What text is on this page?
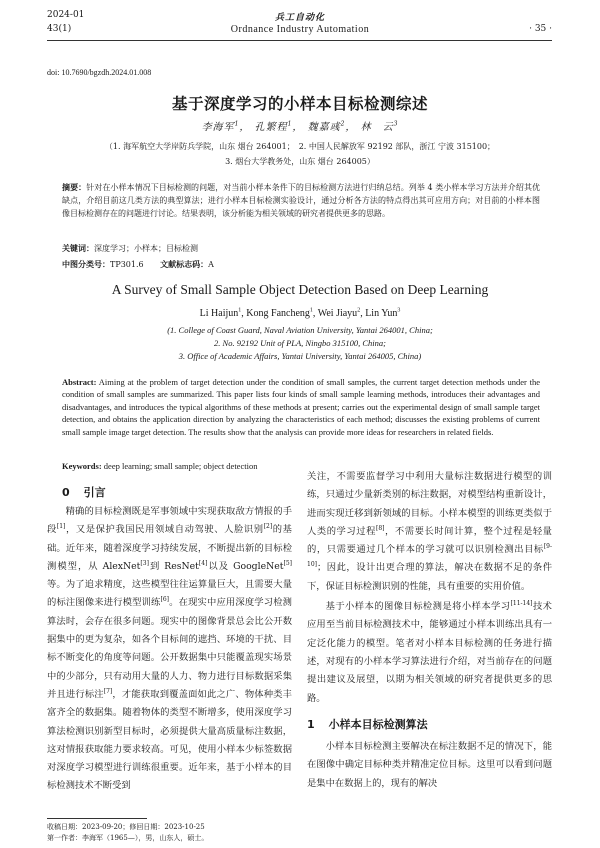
2024-01
43(1)
兵工自动化
Ordnance Industry Automation	· 35 ·
doi: 10.7690/bgzdh.2024.01.008
基于深度学习的小样本目标检测综述
李海军$^1$， 孔繁程$^1$， 魏嘉彧$^2$， 林　云$^3$
（1. 海军航空大学岸防兵学院，山东 烟台 264001；　2. 中国人民解放军 92192 部队，浙江 宁波 315100；
3. 烟台大学教务处，山东 烟台 264005）
摘要：针对在小样本情况下目标检测的问题，对当前小样本条件下的目标检测方法进行归纳总结。列举 4 类小样本学习方法并介绍其优缺点，介绍目前这几类方法的典型算法；进行小样本目标检测实验设计，通过分析各方法的特点得出其可应用方向；对目前的小样本图像目标检测存在的问题进行讨论。结果表明，该分析能为相关领域的研究者提供更多的思路。
关键词：深度学习；小样本；目标检测
中图分类号：TP301.6 文献标志码：A
A Survey of Small Sample Object Detection Based on Deep Learning
Li Haijun$^1$, Kong Fancheng$^1$, Wei Jiayu$^2$, Lin Yun$^3$
(1. College of Coast Guard, Naval Aviation University, Yantai 264001, China;
2. No. 92192 Unit of PLA, Ningbo 315100, China;
3. Office of Academic Affairs, Yantai University, Yantai 264005, China)
Abstract: Aiming at the problem of target detection under the condition of small samples, the current target detection methods under the condition of small samples are summarized. This paper lists four kinds of small sample learning methods, introduces their advantages and disadvantages, and introduces the typical algorithms of these methods at present; carries out the experimental design of small sample target detection, and obtains the application direction by analyzing the characteristics of each method; discusses the existing problems of current small sample image target detection. The results show that the analysis can provide more ideas for researchers in related fields.
Keywords: deep learning; small sample; object detection
0 引言

精确的目标检测既是军事领域中实现获取敌方情报的手段[1]，又是保护我国民用领域自动驾驶、人脸识别[2]的基础。近年来，随着深度学习持续发展，不断提出新的目标检测模型，从 AlexNet[3]到 ResNet[4]以及 GoogleNet[5]等。为了追求精度，这些模型往往运算量巨大，且需要大量的标注图像来进行模型训练[6]。在现实中应用深度学习检测算法时，会存在很多问题。现实中的图像背景总会比公开数据集中的更为复杂，如各个目标间的遮挡、环境的干扰、目标不断变化的角度等问题。公开数据集中只能覆盖现实场景中的少部分，只有动用大量的人力、物力进行目标数据采集并且进行标注[7]，才能获取到覆盖面如此之广、物体种类丰富齐全的数据集。随着物体的类型不断增多，使用深度学习算法检测识别新型目标时，必须提供大量高质量标注数据，这对情报获取能力要求较高。可见，使用小样本少标签数据对深度学习模型进行训练很重要。近年来，基于小样本的目标检测技术不断受到

关注，不需要监督学习中利用大量标注数据进行模型的训练，只通过少量新类别的标注数据，对模型结构重新设计，进而实现迁移到新领域的目标。小样本模型的训练更类似于人类的学习过程[8]，不需要长时间计算，整个过程是轻量的，只需要通过几个样本的学习就可以识别检测出目标[9-10]；因此，设计出更合理的算法，解决在数据不足的条件下，保证目标检测识别的性能，具有重要的实用价值。

基于小样本的图像目标检测是将小样本学习[11-14]技术应用至当前目标检测技术中，能够通过小样本训练出具有一定泛化能力的模型。笔者对小样本目标检测的任务进行描述，对现有的小样本学习算法进行介绍，对当前存在的问题提出建议及展望，以期为相关领域的研究者提供更多的思路。

1 小样本目标检测算法

小样本目标检测主要解决在标注数据不足的情况下，能在图像中确定目标种类并精准定位目标。这里可以看到问题是集中在数据上的，现有的解决

收稿日期：2023-09-20；修回日期：2023-10-25
第一作者：李海军（1965—），男，山东人，硕士。
